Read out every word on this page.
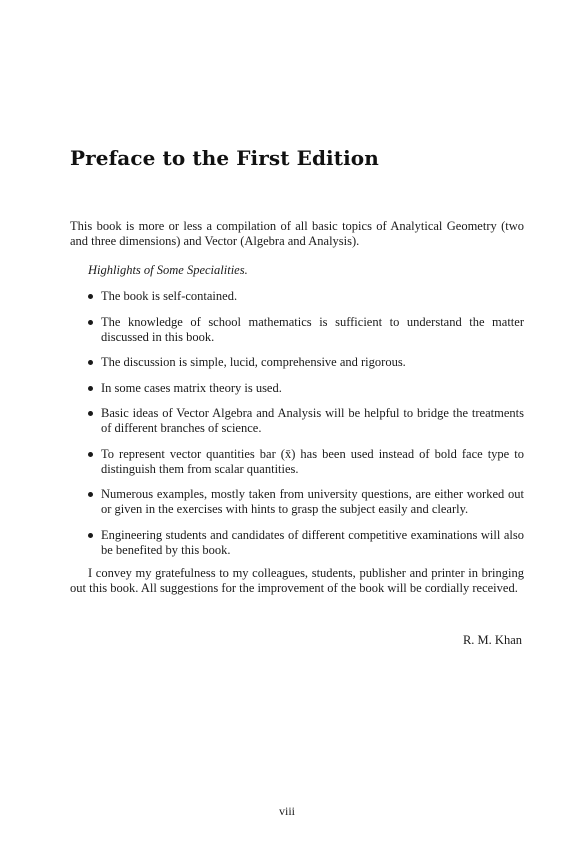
Preface to the First Edition

This book is more or less a compilation of all basic topics of Analytical Geometry (two and three dimensions) and Vector (Algebra and Analysis).

Highlights of Some Specialities.

The book is self-contained.
The knowledge of school mathematics is sufficient to understand the matter discussed in this book.
The discussion is simple, lucid, comprehensive and rigorous.
In some cases matrix theory is used.
Basic ideas of Vector Algebra and Analysis will be helpful to bridge the treatments of different branches of science.
To represent vector quantities bar (x̄) has been used instead of bold face type to distinguish them from scalar quantities.
Numerous examples, mostly taken from university questions, are either worked out or given in the exercises with hints to grasp the subject easily and clearly.
Engineering students and candidates of different competitive examinations will also be benefited by this book.

I convey my gratefulness to my colleagues, students, publisher and printer in bringing out this book. All suggestions for the improvement of the book will be cordially received.

R. M. Khan

viii
